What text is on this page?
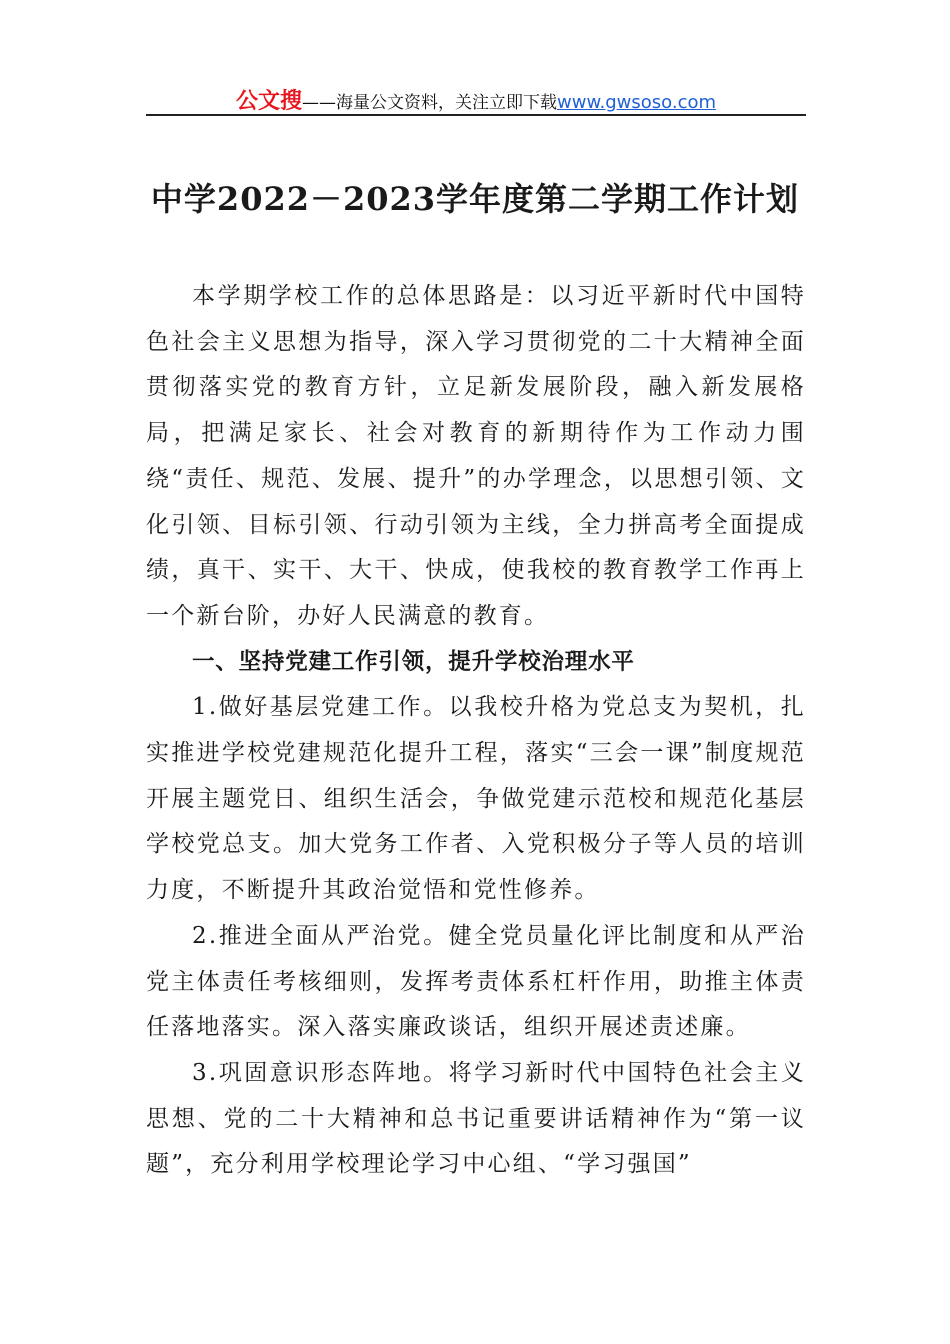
公文搜——海量公文资料，关注立即下载www.gwsoso.com
中学2022－2023学年度第二学期工作计划

本学期学校工作的总体思路是：以习近平新时代中国特色社会主义思想为指导，深入学习贯彻党的二十大精神全面贯彻落实党的教育方针，立足新发展阶段，融入新发展格局，把满足家长、社会对教育的新期待作为工作动力围绕“责任、规范、发展、提升”的办学理念，以思想引领、文化引领、目标引领、行动引领为主线，全力拼高考全面提成绩，真干、实干、大干、快成，使我校的教育教学工作再上一个新台阶，办好人民满意的教育。

一、坚持党建工作引领，提升学校治理水平

1.做好基层党建工作。以我校升格为党总支为契机，扎实推进学校党建规范化提升工程，落实“三会一课”制度规范开展主题党日、组织生活会，争做党建示范校和规范化基层学校党总支。加大党务工作者、入党积极分子等人员的培训力度，不断提升其政治觉悟和党性修养。

2.推进全面从严治党。健全党员量化评比制度和从严治党主体责任考核细则，发挥考责体系杠杆作用，助推主体责任落地落实。深入落实廉政谈话，组织开展述责述廉。

3.巩固意识形态阵地。将学习新时代中国特色社会主义思想、党的二十大精神和总书记重要讲话精神作为“第一议题”，充分利用学校理论学习中心组、“学习强国”
